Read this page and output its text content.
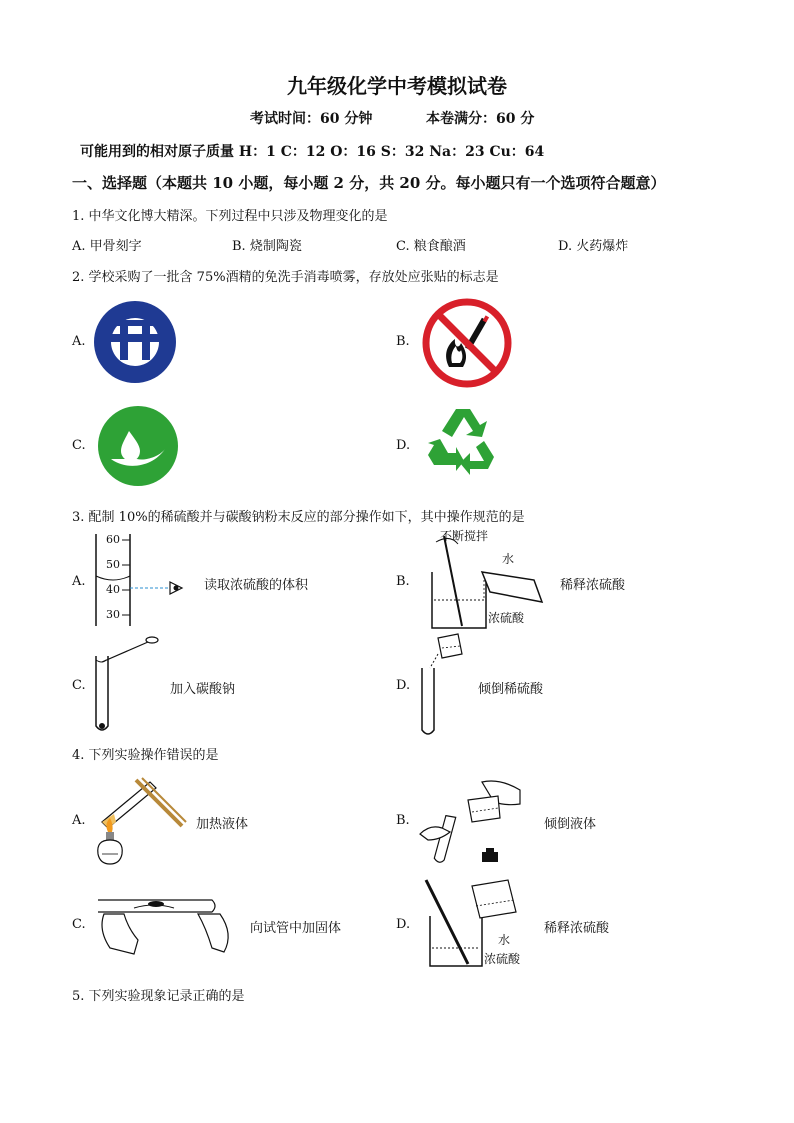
九年级化学中考模拟试卷
考试时间：60 分钟	本卷满分：60 分
可能用到的相对原子质量 H：1 C：12 O：16 S：32 Na：23 Cu：64
一、选择题（本题共 10 小题，每小题 2 分，共 20 分。每小题只有一个选项符合题意）
1. 中华文化博大精深。下列过程中只涉及物理变化的是
A. 甲骨刻字	B. 烧制陶瓷	C. 粮食酿酒	D. 火药爆炸
2. 学校采购了一批含 75%酒精的免洗手消毒喷雾，存放处应张贴的标志是
A.	B.
C.	D.
3. 配制 10%的稀硫酸并与碳酸钠粉末反应的部分操作如下，其中操作规范的是
A.	B.
C.	D.
60
50
40
30
读取浓硫酸的体积
不断搅拌
水
浓硫酸
稀释浓硫酸
加入碳酸钠	倾倒稀硫酸
4. 下列实验操作错误的是
A.	B.
C.	D.
加热液体	倾倒液体
向试管中加固体
水
浓硫酸
稀释浓硫酸
5. 下列实验现象记录正确的是
